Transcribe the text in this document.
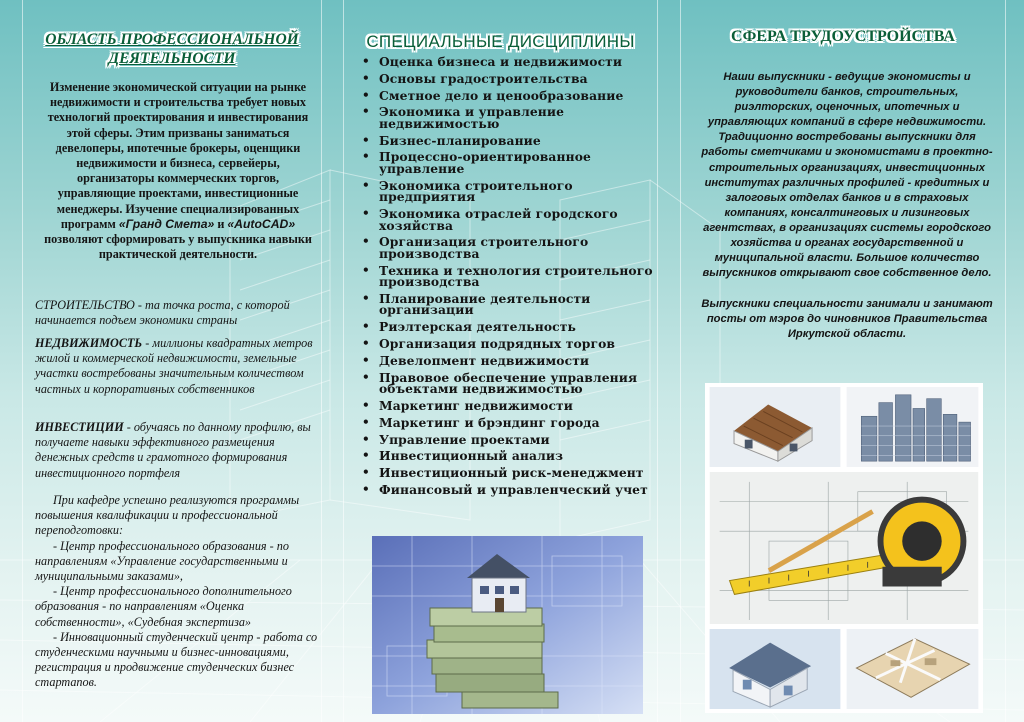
ОБЛАСТЬ ПРОФЕССИОНАЛЬНОЙ
ДЕЯТЕЛЬНОСТИ
Изменение экономической ситуации на рынке недвижимости и строительства требует новых технологий проектирования и инвестирования этой сферы. Этим призваны заниматься девелоперы, ипотечные брокеры, оценщики недвижимости и бизнеса, сервейеры, организаторы коммерческих торгов, управляющие проектами, инвестиционные менеджеры. Изучение специализированных программ «Гранд Смета» и «AutoCAD» позволяют сформировать у выпускника навыки практической деятельности.
СТРОИТЕЛЬСТВО - та точка роста, с которой начинается подъем экономики страны
НЕДВИЖИМОСТЬ - миллионы квадратных метров жилой и коммерческой недвижимости, земельные участки востребованы значительным количеством частных и корпоративных собственников
ИНВЕСТИЦИИ - обучаясь по данному профилю, вы получаете навыки эффективного размещения денежных средств и грамотного формирования инвестиционного портфеля
При кафедре успешно реализуются программы повышения квалификации и профессиональной переподготовки:
- Центр профессионального образования - по направлениям «Управление государственными и муниципальными заказами»,
- Центр профессионального дополнительного образования - по направлениям «Оценка собственности», «Судебная экспертиза»
- Инновационный студенческий центр - работа со студенческими научными и бизнес-инновациями, регистрация и продвижение студенческих бизнес стартапов.
СПЕЦИАЛЬНЫЕ ДИСЦИПЛИНЫ
• Оценка бизнеса и недвижимости
• Основы градостроительства
• Сметное дело и ценообразование
• Экономика и управление недвижимостью
• Бизнес-планирование
• Процессно-ориентированное управление
• Экономика строительного предприятия
• Экономика отраслей городского хозяйства
• Организация строительного производства
• Техника и технология строительного производства
• Планирование деятельности организации
• Риэлтерская деятельность
• Организация подрядных торгов
• Девелопмент недвижимости
• Правовое обеспечение управления объектами недвижимостью
• Маркетинг недвижимости
• Маркетинг и брэндинг города
• Управление проектами
• Инвестиционный анализ
• Инвестиционный риск-менеджмент
• Финансовый и управленческий учет
СФЕРА ТРУДОУСТРОЙСТВА
Наши выпускники - ведущие экономисты и руководители банков, строительных, риэлторских, оценочных, ипотечных и управляющих компаний в сфере недвижимости. Традиционно востребованы выпускники для работы сметчиками и экономистами в проектно-строительных организациях, инвестиционных институтах различных профилей - кредитных и залоговых отделах банков и в страховых компаниях, консалтинговых и лизинговых агентствах, в организациях системы городского хозяйства и органах государственной и муниципальной власти. Большое количество выпускников открывают свое собственное дело.
Выпускники специальности занимали и занимают посты от мэров до чиновников Правительства Иркутской области.
